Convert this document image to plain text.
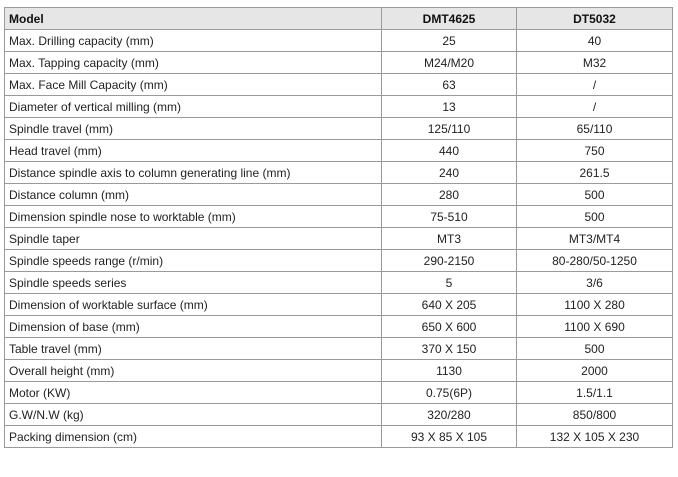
Model	DMT4625	DT5032
Max. Drilling capacity (mm)	25	40
Max. Tapping capacity (mm)	M24/M20	M32
Max. Face Mill Capacity (mm)	63	/
Diameter of vertical milling (mm)	13	/
Spindle travel (mm)	125/110	65/110
Head travel (mm)	440	750
Distance spindle axis to column generating line (mm)	240	261.5
Distance column (mm)	280	500
Dimension spindle nose to worktable (mm)	75-510	500
Spindle taper	MT3	MT3/MT4
Spindle speeds range (r/min)	290-2150	80-280/50-1250
Spindle speeds series	5	3/6
Dimension of worktable surface (mm)	640 X 205	1100 X 280
Dimension of base (mm)	650 X 600	1100 X 690
Table travel (mm)	370 X 150	500
Overall height (mm)	1130	2000
Motor (KW)	0.75(6P)	1.5/1.1
G.W/N.W (kg)	320/280	850/800
Packing dimension (cm)	93 X 85 X 105	132 X 105 X 230
